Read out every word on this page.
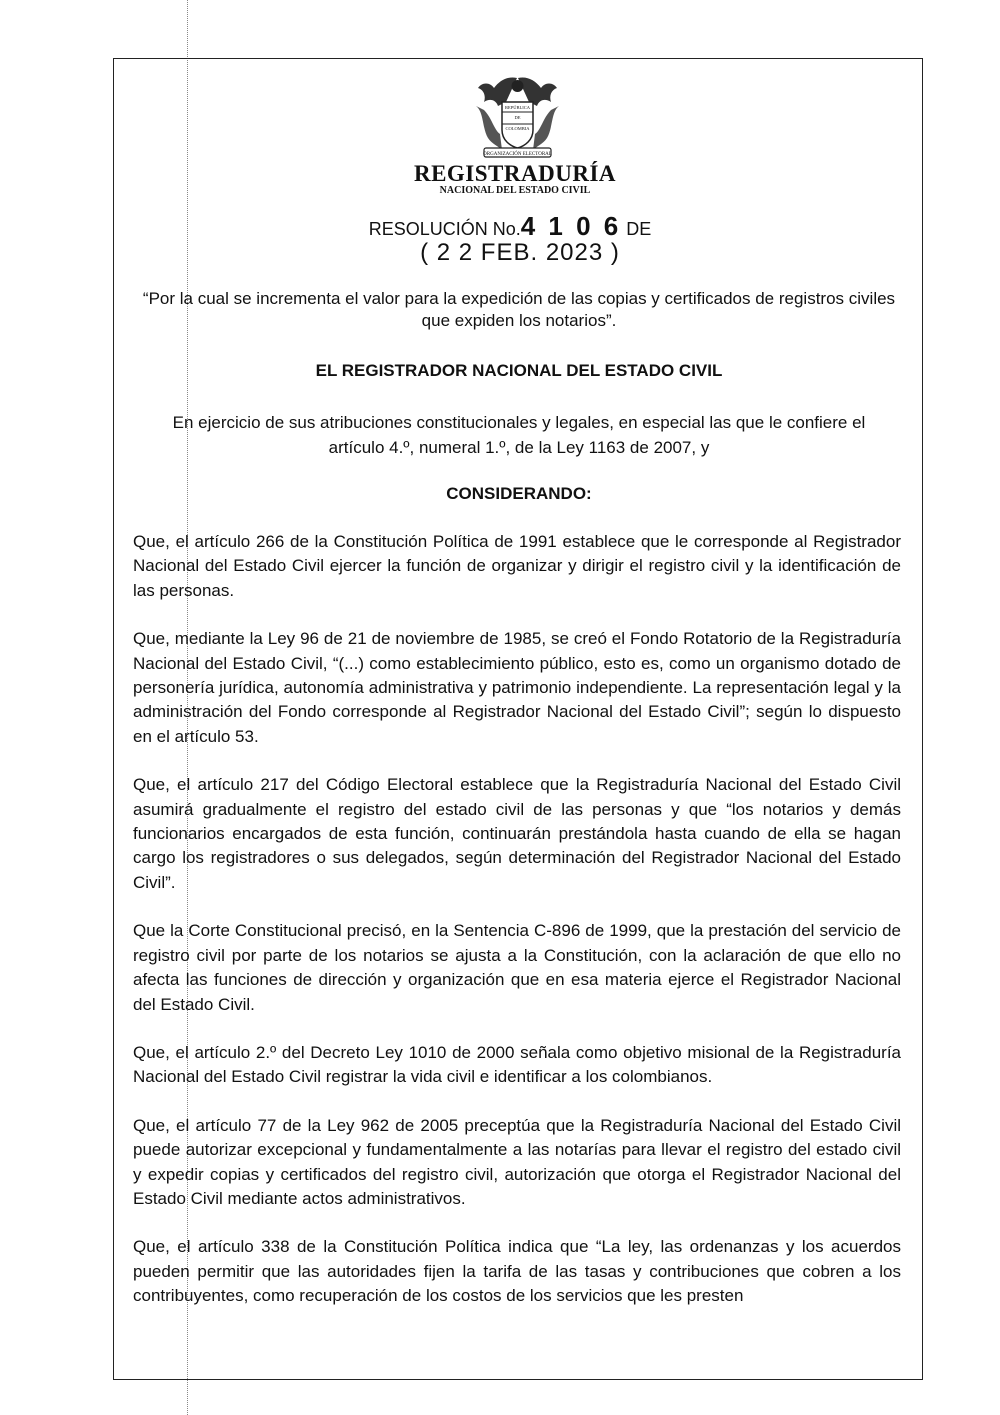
REPÚBLICA
DE
COLOMBIA
ORGANIZACIÓN ELECTORAL
REGISTRADURÍA
NACIONAL DEL ESTADO CIVIL
RESOLUCIÓN No.4 1 0 6 DE
( 2 2 FEB. 2023 )
“Por la cual se incrementa el valor para la expedición de las copias y certificados de registros civiles que expiden los notarios”.
EL REGISTRADOR NACIONAL DEL ESTADO CIVIL
En ejercicio de sus atribuciones constitucionales y legales, en especial las que le confiere el artículo 4.º, numeral 1.º, de la Ley 1163 de 2007, y
CONSIDERANDO:

Que, el artículo 266 de la Constitución Política de 1991 establece que le corresponde al Registrador Nacional del Estado Civil ejercer la función de organizar y dirigir el registro civil y la identificación de las personas.

Que, mediante la Ley 96 de 21 de noviembre de 1985, se creó el Fondo Rotatorio de la Registraduría Nacional del Estado Civil, “(...) como establecimiento público, esto es, como un organismo dotado de personería jurídica, autonomía administrativa y patrimonio independiente. La representación legal y la administración del Fondo corresponde al Registrador Nacional del Estado Civil”; según lo dispuesto en el artículo 53.

Que, el artículo 217 del Código Electoral establece que la Registraduría Nacional del Estado Civil asumirá gradualmente el registro del estado civil de las personas y que “los notarios y demás funcionarios encargados de esta función, continuarán prestándola hasta cuando de ella se hagan cargo los registradores o sus delegados, según determinación del Registrador Nacional del Estado Civil”.

Que la Corte Constitucional precisó, en la Sentencia C-896 de 1999, que la prestación del servicio de registro civil por parte de los notarios se ajusta a la Constitución, con la aclaración de que ello no afecta las funciones de dirección y organización que en esa materia ejerce el Registrador Nacional del Estado Civil.

Que, el artículo 2.º del Decreto Ley 1010 de 2000 señala como objetivo misional de la Registraduría Nacional del Estado Civil registrar la vida civil e identificar a los colombianos.

Que, el artículo 77 de la Ley 962 de 2005 preceptúa que la Registraduría Nacional del Estado Civil puede autorizar excepcional y fundamentalmente a las notarías para llevar el registro del estado civil y expedir copias y certificados del registro civil, autorización que otorga el Registrador Nacional del Estado Civil mediante actos administrativos.

Que, el artículo 338 de la Constitución Política indica que “La ley, las ordenanzas y los acuerdos pueden permitir que las autoridades fijen la tarifa de las tasas y contribuciones que cobren a los contribuyentes, como recuperación de los costos de los servicios que les presten
